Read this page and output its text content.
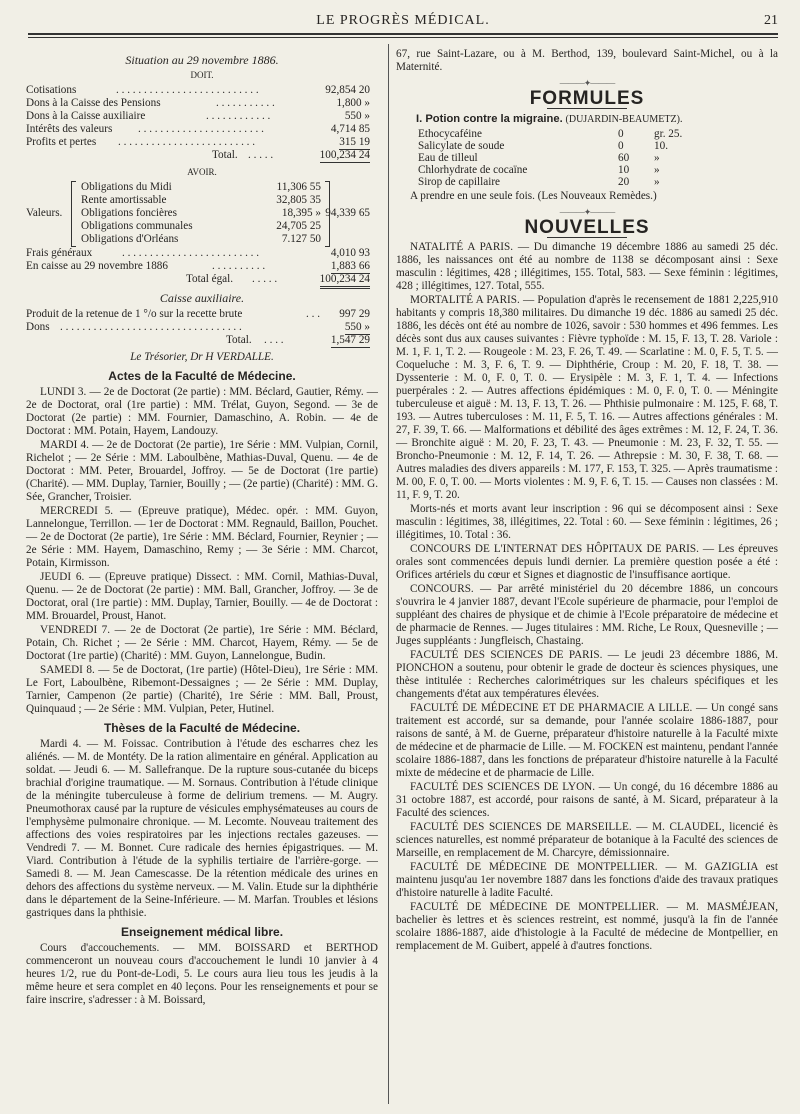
LE PROGRÈS MÉDICAL.	21
Situation au 29 novembre 1886.
DOIT.
Cotisations	. . . . . . . . . . . . . . . . . . . . . . . . . .	92,854 20
Dons à la Caisse des Pensions	. . . . . . . . . . .	1,800 »
Dons à la Caisse auxiliaire	. . . . . . . . . . . .	550 »
Intérêts des valeurs . . . . . . . . . . . . . . . . . . . . . . .	4,714 85
Profits et pertes . . . . . . . . . . . . . . . . . . . . . . . . .	315 19
Total. . . . . .	100,234 24
AVOIR.
Valeurs.
Obligations du Midi	11,306 55
Rente amortissable	32,805 35
Obligations foncières	18,395 »
Obligations communales	24,705 25
Obligations d'Orléans	7.127 50
94,339 65
Frais généraux	. . . . . . . . . . . . . . . . . . . . . . . . .	4,010 93
En caisse au 29 novembre 1886	. . . . . . . . . .	1,883 66
Total égal. . . . . .	100,234 24
Caisse auxiliaire.
Produit de la retenue de 1 °/o sur la recette brute	. . . 997 29
Dons . . . . . . . . . . . . . . . . . . . . . . . . . . . . . . . . .	550 »
Total. . . . .	1,547 29
Le Trésorier, Dr H VERDALLE.
Actes de la Faculté de Médecine.

LUNDI 3. — 2e de Doctorat (2e partie) : MM. Béclard, Gautier, Rémy. — 2e de Doctorat, oral (1re partie) : MM. Trélat, Guyon, Segond. — 3e de Doctorat (2e partie) : MM. Fournier, Damaschino, A. Robin. — 4e de Doctorat : MM. Potain, Hayem, Landouzy.

MARDI 4. — 2e de Doctorat (2e partie), 1re Série : MM. Vulpian, Cornil, Richelot ; — 2e Série : MM. Laboulbène, Mathias-Duval, Quenu. — 4e de Doctorat : MM. Peter, Brouardel, Joffroy. — 5e de Doctorat (1re partie) (Charité). — MM. Duplay, Tarnier, Bouilly ; — (2e partie) (Charité) : MM. G. Sée, Grancher, Troisier.

MERCREDI 5. — (Epreuve pratique), Médec. opér. : MM. Guyon, Lannelongue, Terrillon. — 1er de Doctorat : MM. Regnauld, Baillon, Pouchet. — 2e de Doctorat (2e partie), 1re Série : MM. Béclard, Fournier, Reynier ; — 2e Série : MM. Hayem, Damaschino, Remy ; — 3e Série : MM. Charcot, Potain, Kirmisson.

JEUDI 6. — (Epreuve pratique) Dissect. : MM. Cornil, Mathias-Duval, Quenu. — 2e de Doctorat (2e partie) : MM. Ball, Grancher, Joffroy. — 3e de Doctorat, oral (1re partie) : MM. Duplay, Tarnier, Bouilly. — 4e de Doctorat : MM. Brouardel, Proust, Hanot.

VENDREDI 7. — 2e de Doctorat (2e partie), 1re Série : MM. Béclard, Potain, Ch. Richet ; — 2e Série : MM. Charcot, Hayem, Rémy. — 5e de Doctorat (1re partie) (Charité) : MM. Guyon, Lannelongue, Budin.

SAMEDI 8. — 5e de Doctorat, (1re partie) (Hôtel-Dieu), 1re Série : MM. Le Fort, Laboulbène, Ribemont-Dessaignes ; — 2e Série : MM. Duplay, Tarnier, Campenon (2e partie) (Charité), 1re Série : MM. Ball, Proust, Quinquaud ; — 2e Série : MM. Vulpian, Peter, Hutinel.

Thèses de la Faculté de Médecine.

Mardi 4. — M. Foissac. Contribution à l'étude des escharres chez les aliénés. — M. de Montéty. De la ration alimentaire en général. Application au soldat. — Jeudi 6. — M. Sallefranque. De la rupture sous-cutanée du biceps brachial d'origine traumatique. — M. Sornaus. Contribution à l'étude clinique de la méningite tuberculeuse à forme de delirium tremens. — M. Augry. Pneumothorax causé par la rupture de vésicules emphysémateuses au cours de l'emphysème pulmonaire chronique. — M. Lecomte. Nouveau traitement des affections des voies respiratoires par les injections rectales gazeuses. — Vendredi 7. — M. Bonnet. Cure radicale des hernies épigastriques. — M. Viard. Contribution à l'étude de la syphilis tertiaire de l'arrière-gorge. — Samedi 8. — M. Jean Camescasse. De la rétention médicale des urines en dehors des affections du système nerveux. — M. Valin. Etude sur la diphthérie dans le département de la Seine-Inférieure. — M. Marfan. Troubles et lésions gastriques dans la phthisie.

Enseignement médical libre.

Cours d'accouchements. — MM. BOISSARD et BERTHOD commenceront un nouveau cours d'accouchement le lundi 10 janvier à 4 heures 1/2, rue du Pont-de-Lodi, 5. Le cours aura lieu tous les jeudis à la même heure et sera complet en 40 leçons. Pour les renseignements et pour se faire inscrire, s'adresser : à M. Boissard,

67, rue Saint-Lazare, ou à M. Berthod, 139, boulevard Saint-Michel, ou à la Maternité.

———✦———
FORMULES
I. Potion contre la migraine. (DUJARDIN-BEAUMETZ).
Ethocycaféine	0	gr. 25.
Salicylate de soude	0	10.
Eau de tilleul	60 »
Chlorhydrate de cocaïne	10 »
Sirop de capillaire	20 »

A prendre en une seule fois. (Les Nouveaux Remèdes.)

———✦———
NOUVELLES

NATALITÉ A PARIS. — Du dimanche 19 décembre 1886 au samedi 25 déc. 1886, les naissances ont été au nombre de 1138 se décomposant ainsi : Sexe masculin : légitimes, 428 ; illégitimes, 155. Total, 583. — Sexe féminin : légitimes, 428 ; illégitimes, 127. Total, 555.

MORTALITÉ A PARIS. — Population d'après le recensement de 1881 2,225,910 habitants y compris 18,380 militaires. Du dimanche 19 déc. 1886 au samedi 25 déc. 1886, les décès ont été au nombre de 1026, savoir : 530 hommes et 496 femmes. Les décès sont dus aux causes suivantes : Fièvre typhoïde : M. 15, F. 13, T. 28. Variole : M. 1, F. 1, T. 2. — Rougeole : M. 23, F. 26, T. 49. — Scarlatine : M. 0, F. 5, T. 5. — Coqueluche : M. 3, F. 6, T. 9. — Diphthérie, Croup : M. 20, F. 18, T. 38. — Dyssenterie : M. 0, F. 0, T. 0. — Erysipèle : M. 3, F. 1, T. 4. — Infections puerpérales : 2. — Autres affections épidémiques : M. 0, F. 0, T. 0. — Méningite tuberculeuse et aiguë : M. 13, F. 13, T. 26. — Phthisie pulmonaire : M. 125, F. 68, T. 193. — Autres tuberculoses : M. 11, F. 5, T. 16. — Autres affections générales : M. 27, F. 39, T. 66. — Malformations et débilité des âges extrêmes : M. 12, F. 24, T. 36. — Bronchite aiguë : M. 20, F. 23, T. 43. — Pneumonie : M. 23, F. 32, T. 55. — Broncho-Pneumonie : M. 12, F. 14, T. 26. — Athrepsie : M. 30, F. 38, T. 68. — Autres maladies des divers appareils : M. 177, F. 153, T. 325. — Après traumatisme : M. 00, F. 0, T. 00. — Morts violentes : M. 9, F. 6, T. 15. — Causes non classées : M. 11, F. 9, T. 20.

Morts-nés et morts avant leur inscription : 96 qui se décomposent ainsi : Sexe masculin : légitimes, 38, illégitimes, 22. Total : 60. — Sexe féminin : légitimes, 26 ; illégitimes, 10. Total : 36.

CONCOURS DE L'INTERNAT DES HÔPITAUX DE PARIS. — Les épreuves orales sont commencées depuis lundi dernier. La première question posée a été : Orifices artériels du cœur et Signes et diagnostic de l'insuffisance aortique.

CONCOURS. — Par arrêté ministériel du 20 décembre 1886, un concours s'ouvrira le 4 janvier 1887, devant l'Ecole supérieure de pharmacie, pour l'emploi de suppléant des chaires de physique et de chimie à l'Ecole préparatoire de médecine et de pharmacie de Rennes. — Juges titulaires : MM. Riche, Le Roux, Quesneville ; — Juges suppléants : Jungfleisch, Chastaing.

FACULTÉ DES SCIENCES DE PARIS. — Le jeudi 23 décembre 1886, M. PIONCHON a soutenu, pour obtenir le grade de docteur ès sciences physiques, une thèse intitulée : Recherches calorimétriques sur les chaleurs spécifiques et les changements d'état aux températures élevées.

FACULTÉ DE MÉDECINE ET DE PHARMACIE A LILLE. — Un congé sans traitement est accordé, sur sa demande, pour l'année scolaire 1886-1887, pour raisons de santé, à M. de Guerne, préparateur d'histoire naturelle à la Faculté mixte de médecine et de pharmacie de Lille. — M. FOCKEN est maintenu, pendant l'année scolaire 1886-1887, dans les fonctions de préparateur d'histoire naturelle à la Faculté mixte de médecine et de pharmacie de Lille.

FACULTÉ DES SCIENCES DE LYON. — Un congé, du 16 décembre 1886 au 31 octobre 1887, est accordé, pour raisons de santé, à M. Sicard, préparateur à la Faculté des sciences.

FACULTÉ DES SCIENCES DE MARSEILLE. — M. CLAUDEL, licencié ès sciences naturelles, est nommé préparateur de botanique à la Faculté des sciences de Marseille, en remplacement de M. Charcyre, démissionnaire.

FACULTÉ DE MÉDECINE DE MONTPELLIER. — M. GAZIGLIA est maintenu jusqu'au 1er novembre 1887 dans les fonctions d'aide des travaux pratiques d'histoire naturelle à ladite Faculté.

FACULTÉ DE MÉDECINE DE MONTPELLIER. — M. MASMÉJEAN, bachelier ès lettres et ès sciences restreint, est nommé, jusqu'à la fin de l'année scolaire 1886-1887, aide d'histologie à la Faculté de médecine de Montpellier, en remplacement de M. Guibert, appelé à d'autres fonctions.
